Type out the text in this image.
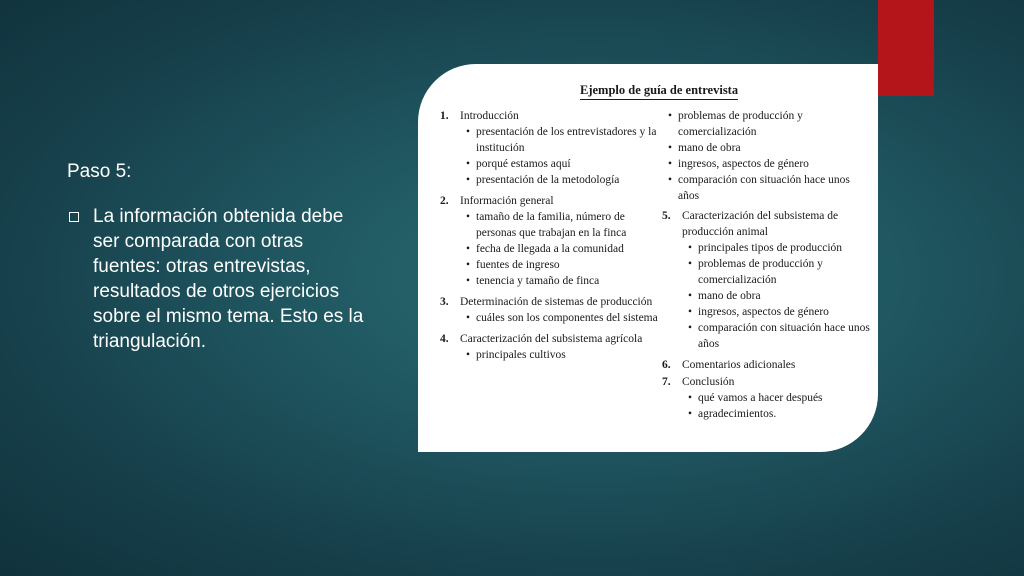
Paso 5:
La información obtenida debe ser comparada con otras fuentes: otras entrevistas, resultados de otros ejercicios sobre el mismo tema. Esto es la triangulación.
Ejemplo de guía de entrevista
1. Introducción
• presentación de los entrevistadores y la institución
• porqué estamos aquí
• presentación de la metodología
2. Información general
• tamaño de la familia, número de personas que trabajan en la finca
• fecha de llegada a la comunidad
• fuentes de ingreso
• tenencia y tamaño de finca
3. Determinación de sistemas de producción
• cuáles son los componentes del sistema
4. Caracterización del subsistema agrícola
• principales cultivos
• problemas de producción y comercialización
• mano de obra
• ingresos, aspectos de género
• comparación con situación hace unos años
5. Caracterización del subsistema de producción animal
• principales tipos de producción
• problemas de producción y comercialización
• mano de obra
• ingresos, aspectos de género
• comparación con situación hace unos años
6. Comentarios adicionales
7. Conclusión
• qué vamos a hacer después
• agradecimientos.
